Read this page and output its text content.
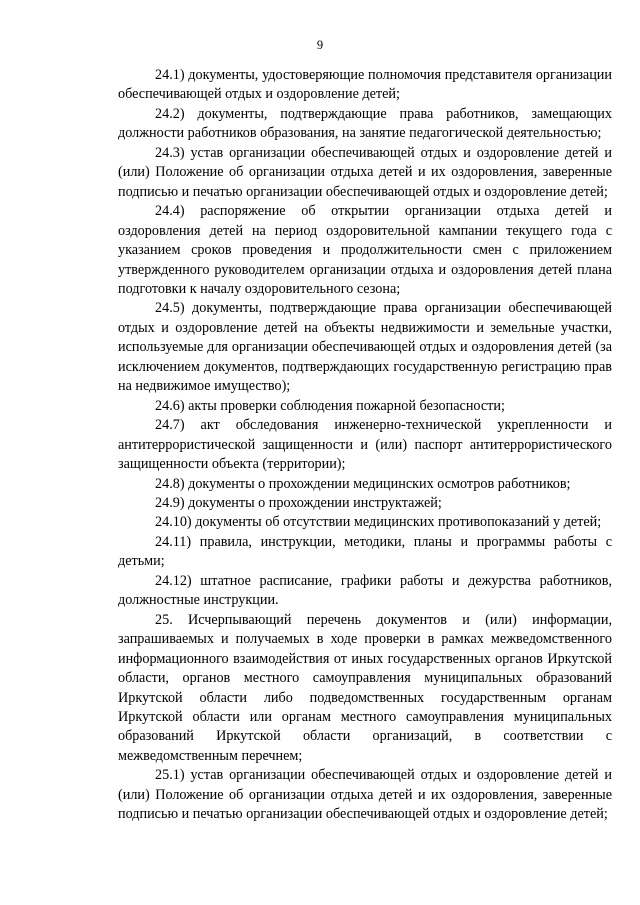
9

24.1) документы, удостоверяющие полномочия представителя организации обеспечивающей отдых и оздоровление детей;

24.2) документы, подтверждающие права работников, замещающих должности работников образования, на занятие педагогической деятельностью;

24.3) устав организации обеспечивающей отдых и оздоровление детей и (или) Положение об организации отдыха детей и их оздоровления, заверенные подписью и печатью организации обеспечивающей отдых и оздоровление детей;

24.4) распоряжение об открытии организации отдыха детей и оздоровления детей на период оздоровительной кампании текущего года с указанием сроков проведения и продолжительности смен с приложением утвержденного руководителем организации отдыха и оздоровления детей плана подготовки к началу оздоровительного сезона;

24.5) документы, подтверждающие права организации обеспечивающей отдых и оздоровление детей на объекты недвижимости и земельные участки, используемые для организации обеспечивающей отдых и оздоровления детей (за исключением документов, подтверждающих государственную регистрацию прав на недвижимое имущество);

24.6) акты проверки соблюдения пожарной безопасности;

24.7) акт обследования инженерно-технической укрепленности и антитеррористической защищенности и (или) паспорт антитеррористического защищенности объекта (территории);

24.8) документы о прохождении медицинских осмотров работников;

24.9) документы о прохождении инструктажей;

24.10) документы об отсутствии медицинских противопоказаний у детей;

24.11) правила, инструкции, методики, планы и программы работы с детьми;

24.12) штатное расписание, графики работы и дежурства работников, должностные инструкции.

25. Исчерпывающий перечень документов и (или) информации, запрашиваемых и получаемых в ходе проверки в рамках межведомственного информационного взаимодействия от иных государственных органов Иркутской области, органов местного самоуправления муниципальных образований Иркутской области либо подведомственных государственным органам Иркутской области или органам местного самоуправления муниципальных образований Иркутской области организаций, в соответствии с межведомственным перечнем;

25.1) устав организации обеспечивающей отдых и оздоровление детей и (или) Положение об организации отдыха детей и их оздоровления, заверенные подписью и печатью организации обеспечивающей отдых и оздоровление детей;
